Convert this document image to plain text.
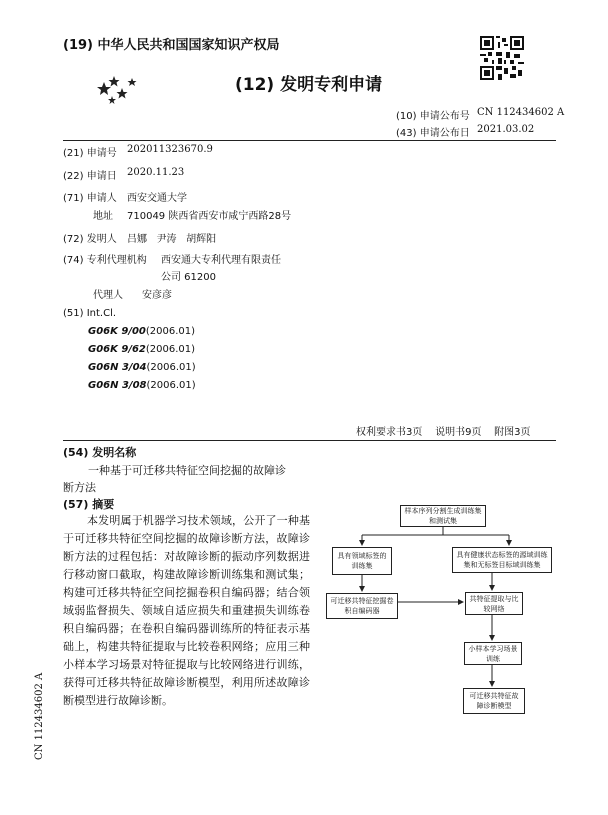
(19) 中华人民共和国国家知识产权局
(12) 发明专利申请
(10) 申请公布号 CN 112434602 A
(43) 申请公布日 2021.03.02
(21) 申请号 202011323670.9
(22) 申请日 2020.11.23
(71) 申请人 西安交通大学
地址 710049 陕西省西安市咸宁西路28号
(72) 发明人 吕娜   尹涛   胡辉阳
(74) 专利代理机构 西安通大专利代理有限责任
公司 61200
代理人 安彦彦
(51) Int.Cl.
G06K 9/00(2006.01)
G06K 9/62(2006.01)
G06N 3/04(2006.01)
G06N 3/08(2006.01)
权利要求书3页    说明书9页    附图3页
(54) 发明名称
一种基于可迁移共特征空间挖掘的故障诊
断方法
(57) 摘要
本发明属于机器学习技术领域，公开了一种基于可迁移共特征空间挖掘的故障诊断方法，故障诊断方法的过程包括：对故障诊断的振动序列数据进行移动窗口截取，构建故障诊断训练集和测试集；构建可迁移共特征空间挖掘卷积自编码器；结合领域弱监督损失、领域自适应损失和重建损失训练卷积自编码器；在卷积自编码器训练所的特征表示基础上，构建共特征提取与比较卷积网络；应用三种小样本学习场景对特征提取与比较网络进行训练，获得可迁移共特征故障诊断模型，利用所述故障诊断模型进行故障诊断。
样本序列分割生成训练集和测试集
具有领域标签的训练集
具有健康状态标签的源域训练集和无标签目标域训练集
可迁移共特征挖掘卷积自编码器
共特征提取与比较网络
小样本学习场景训练
可迁移共特征故障诊断模型
CN 112434602 A
